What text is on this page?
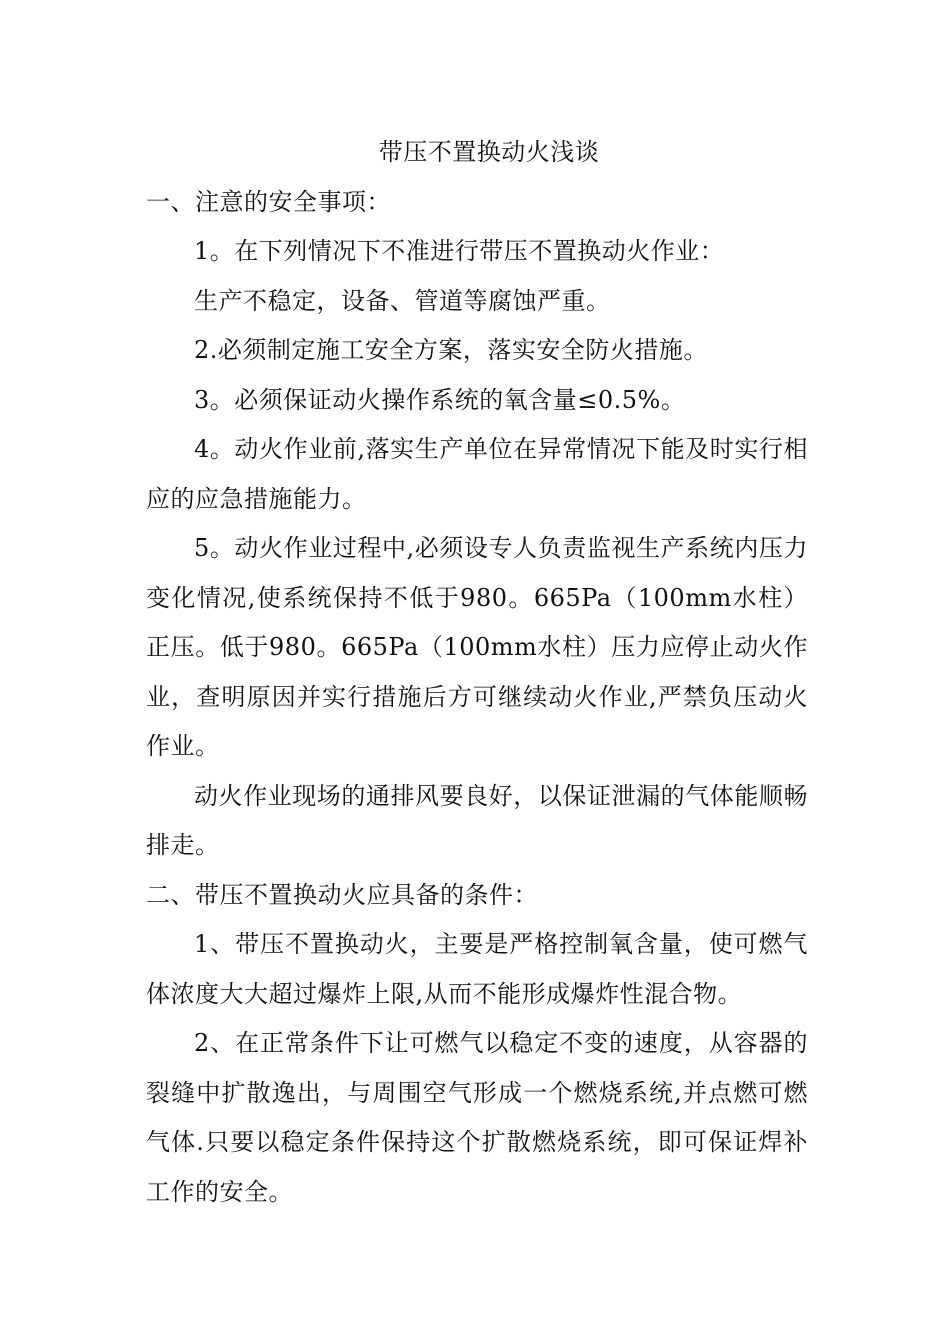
带压不置换动火浅谈

一、注意的安全事项：

1。在下列情况下不准进行带压不置换动火作业：

生产不稳定，设备、管道等腐蚀严重。

2.必须制定施工安全方案，落实安全防火措施。

3。必须保证动火操作系统的氧含量≤0.5%。

4。动火作业前,落实生产单位在异常情况下能及时实行相应的应急措施能力。

5。动火作业过程中,必须设专人负责监视生产系统内压力变化情况,使系统保持不低于980。665Pa（100mm水柱）正压。低于980。665Pa（100mm水柱）压力应停止动火作业，查明原因并实行措施后方可继续动火作业,严禁负压动火作业。

动火作业现场的通排风要良好，以保证泄漏的气体能顺畅排走。

二、带压不置换动火应具备的条件：

1、带压不置换动火，主要是严格控制氧含量，使可燃气体浓度大大超过爆炸上限,从而不能形成爆炸性混合物。

2、在正常条件下让可燃气以稳定不变的速度，从容器的裂缝中扩散逸出，与周围空气形成一个燃烧系统,并点燃可燃气体.只要以稳定条件保持这个扩散燃烧系统，即可保证焊补工作的安全。
